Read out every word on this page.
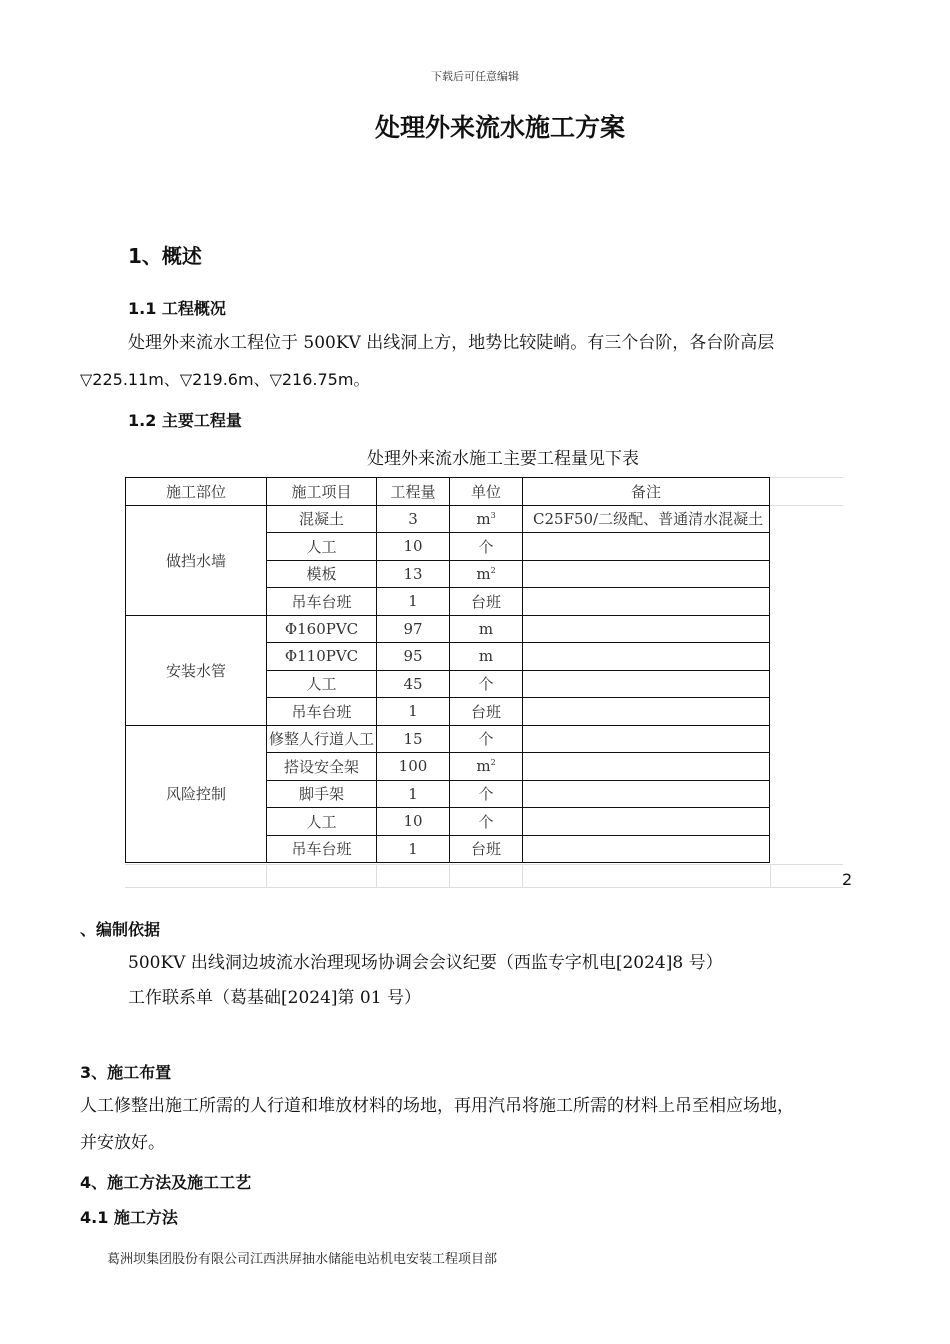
下载后可任意编辑
处理外来流水施工方案
1、概述
1.1 工程概况
处理外来流水工程位于 500KV 出线洞上方，地势比较陡峭。有三个台阶，各台阶高层
▽225.11m、▽219.6m、▽216.75m。
1.2 主要工程量
处理外来流水施工主要工程量见下表
施工部位	施工项目	工程量	单位	备注
做挡水墙	混凝土	3	$m^3$	C25F50/二级配、普通清水混凝土
	人工	10	个	
	模板	13	$m^2$	
	吊车台班	1	台班	
安装水管	Φ160PVC	97	m	
	Φ110PVC	95	m	
	人工	45	个	
	吊车台班	1	台班	
风险控制	修整人行道人工	15	个	
	搭设安全架	100	$m^2$	
	脚手架	1	个	
	人工	10	个	
	吊车台班	1	台班	
2
、编制依据
500KV 出线洞边坡流水治理现场协调会会议纪要（西监专字机电[2024]8 号）
工作联系单（葛基础[2024]第 01 号）
3、施工布置
人工修整出施工所需的人行道和堆放材料的场地，再用汽吊将施工所需的材料上吊至相应场地，
并安放好。
4、施工方法及施工工艺
4.1 施工方法
葛洲坝集团股份有限公司江西洪屏抽水储能电站机电安装工程项目部
